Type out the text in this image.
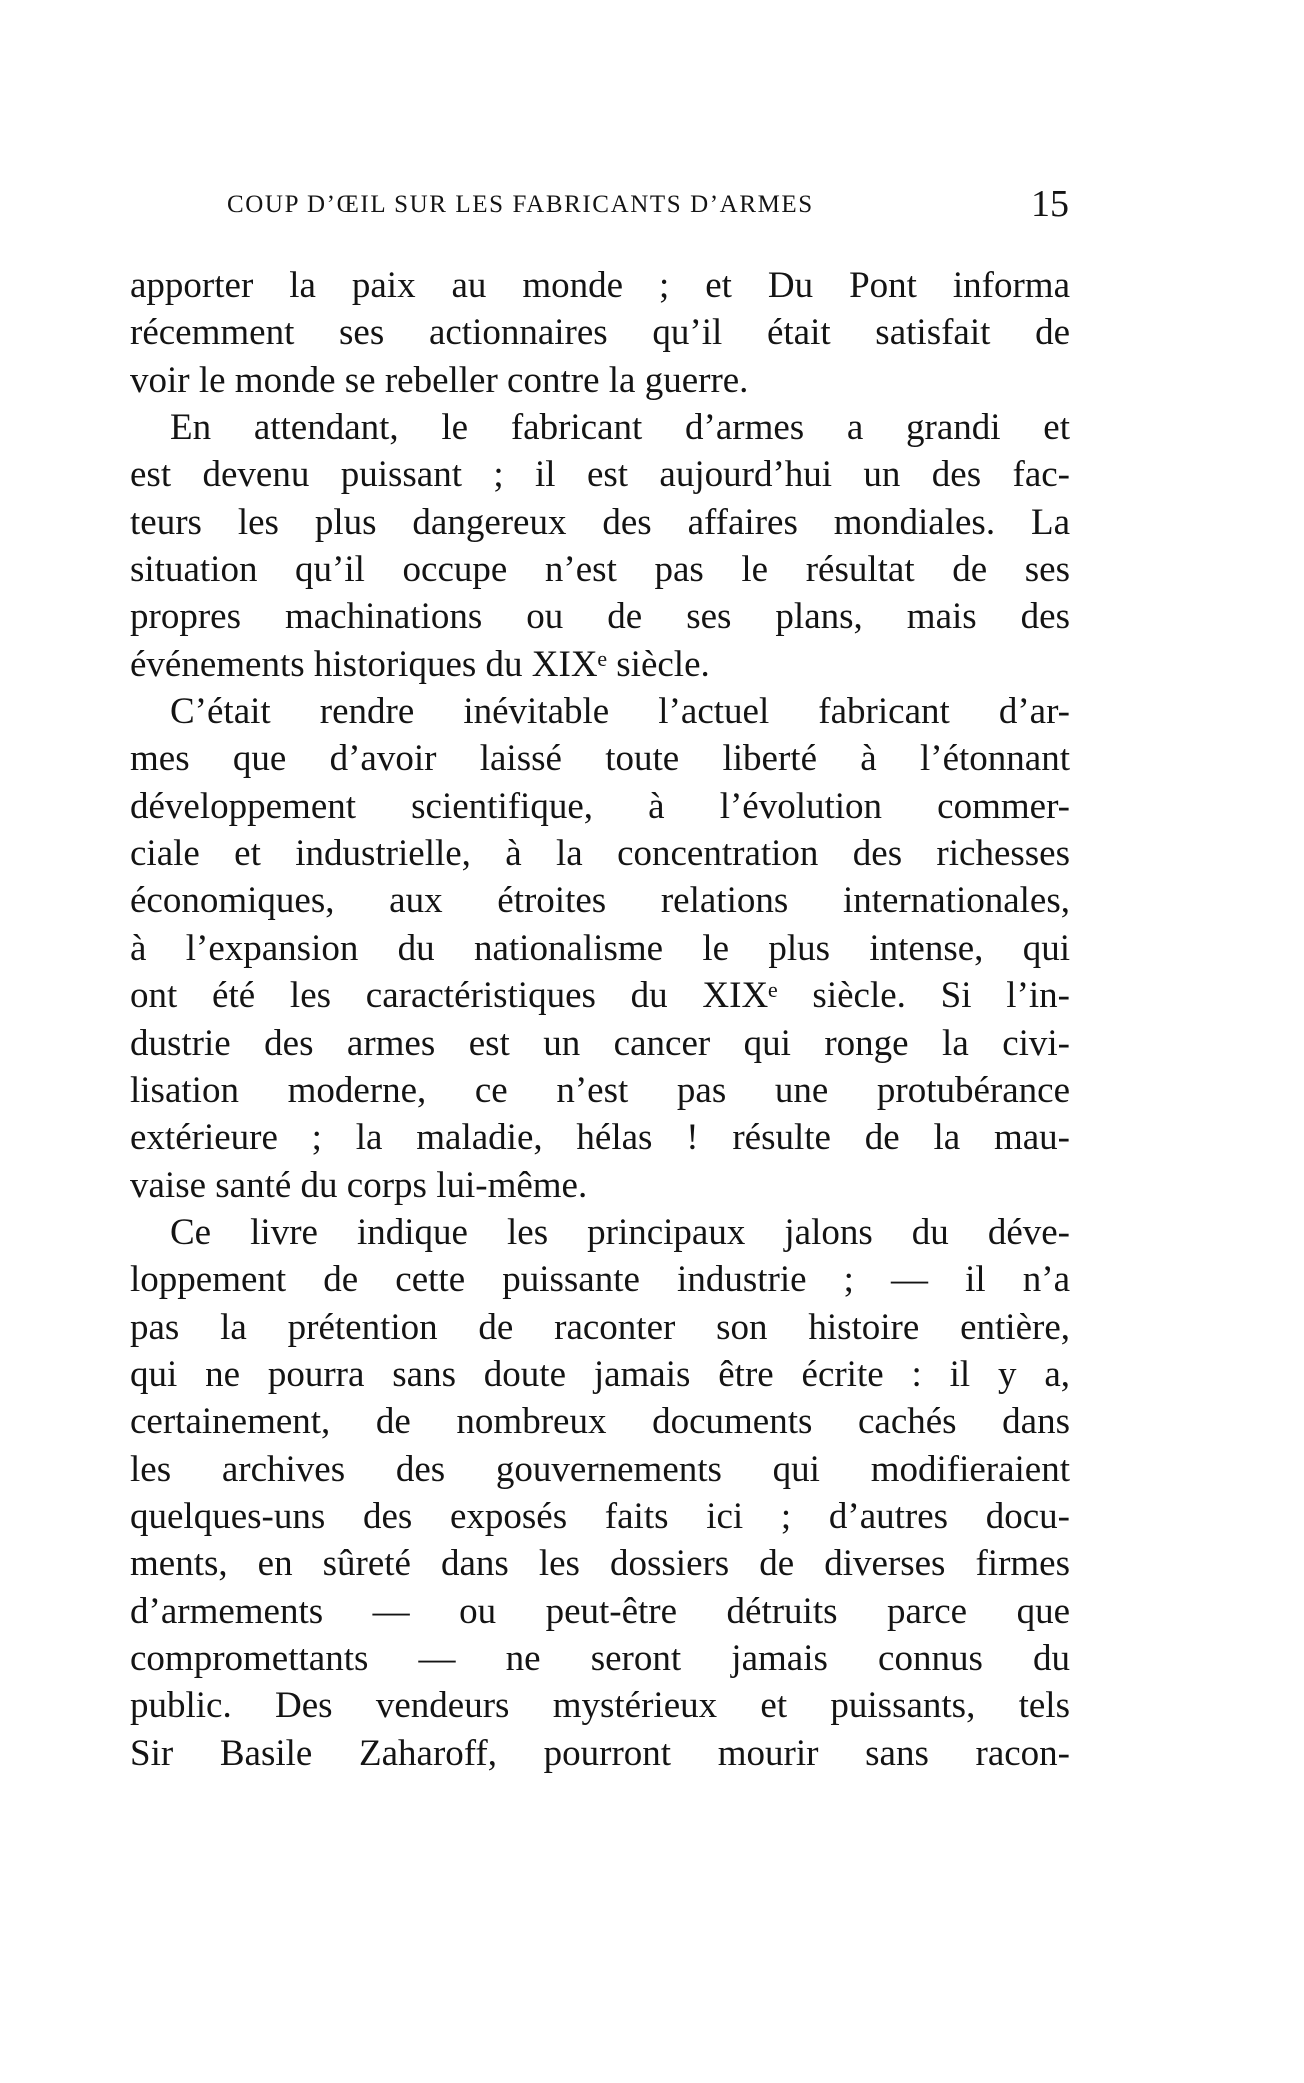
COUP D’ŒIL SUR LES FABRICANTS D’ARMES	15
apporter la paix au monde ; et Du Pont informa
récemment ses actionnaires qu’il était satisfait de
voir le monde se rebeller contre la guerre.
En attendant, le fabricant d’armes a grandi et
est devenu puissant ; il est aujourd’hui un des fac-
teurs les plus dangereux des affaires mondiales. La
situation qu’il occupe n’est pas le résultat de ses
propres machinations ou de ses plans, mais des
événements historiques du XIXᵉ siècle.
C’était rendre inévitable l’actuel fabricant d’ar-
mes que d’avoir laissé toute liberté à l’étonnant
développement scientifique, à l’évolution commer-
ciale et industrielle, à la concentration des richesses
économiques, aux étroites relations internationales,
à l’expansion du nationalisme le plus intense, qui
ont été les caractéristiques du XIXᵉ siècle. Si l’in-
dustrie des armes est un cancer qui ronge la civi-
lisation moderne, ce n’est pas une protubérance
extérieure ; la maladie, hélas ! résulte de la mau-
vaise santé du corps lui-même.
Ce livre indique les principaux jalons du déve-
loppement de cette puissante industrie ; — il n’a
pas la prétention de raconter son histoire entière,
qui ne pourra sans doute jamais être écrite : il y a,
certainement, de nombreux documents cachés dans
les archives des gouvernements qui modifieraient
quelques-uns des exposés faits ici ; d’autres docu-
ments, en sûreté dans les dossiers de diverses firmes
d’armements — ou peut-être détruits parce que
compromettants — ne seront jamais connus du
public. Des vendeurs mystérieux et puissants, tels
Sir Basile Zaharoff, pourront mourir sans racon-
